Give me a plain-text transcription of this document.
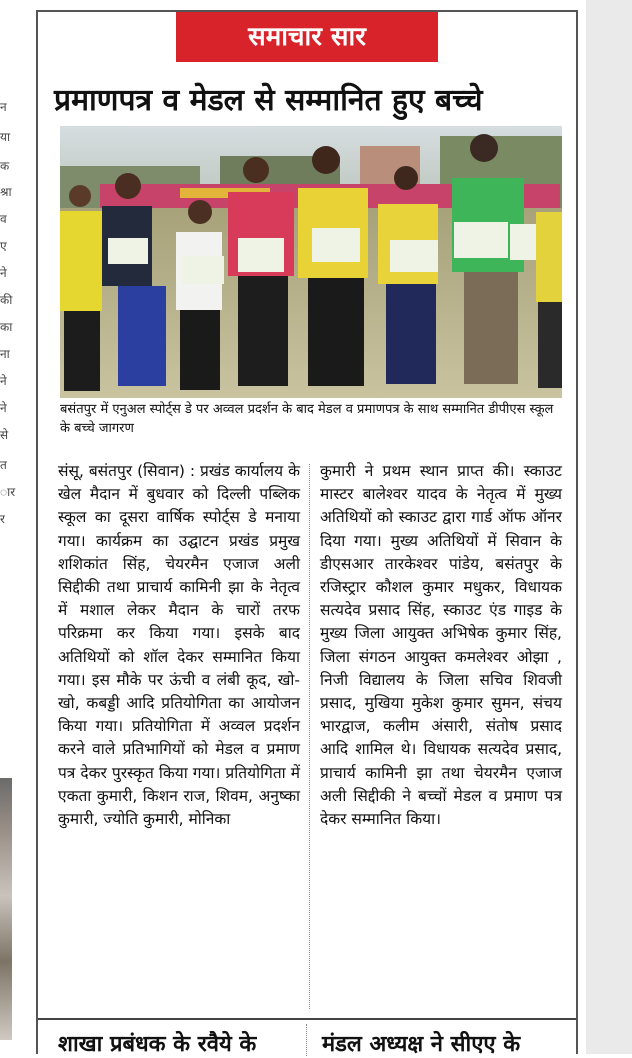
न
या
क
श्रा
व
ए
ने
की
का
ना
ने
ने
से
त
ार
र
समाचार सार
प्रमाणपत्र व मेडल से सम्मानित हुए बच्चे
बसंतपुर में एनुअल स्पोर्ट्स डे पर अव्वल प्रदर्शन के बाद मेडल व प्रमाणपत्र के साथ सम्मानित डीपीएस स्कूल के बच्चे जागरण
संसू, बसंतपुर (सिवान) : प्रखंड कार्यालय के खेल मैदान में बुधवार को दिल्ली पब्लिक स्कूल का दूसरा वार्षिक स्पोर्ट्स डे मनाया गया। कार्यक्रम का उद्घाटन प्रखंड प्रमुख शशिकांत सिंह, चेयरमैन एजाज अली सिद्दीकी तथा प्राचार्य कामिनी झा के नेतृत्व में मशाल लेकर मैदान के चारों तरफ परिक्रमा कर किया गया। इसके बाद अतिथियों को शॉल देकर सम्मानित किया गया। इस मौके पर ऊंची व लंबी कूद, खो-खो, कबड्डी आदि प्रतियोगिता का आयोजन किया गया। प्रतियोगिता में अव्वल प्रदर्शन करने वाले प्रतिभागियों को मेडल व प्रमाण पत्र देकर पुरस्कृत किया गया। प्रतियोगिता में एकता कुमारी, किशन राज, शिवम, अनुष्का कुमारी, ज्योति कुमारी, मोनिका
कुमारी ने प्रथम स्थान प्राप्त की। स्काउट मास्टर बालेश्वर यादव के नेतृत्व में मुख्य अतिथियों को स्काउट द्वारा गार्ड ऑफ ऑनर दिया गया। मुख्य अतिथियों में सिवान के डीएसआर तारकेश्वर पांडेय, बसंतपुर के रजिस्ट्रार कौशल कुमार मधुकर, विधायक सत्यदेव प्रसाद सिंह, स्काउट एंड गाइड के मुख्य जिला आयुक्त अभिषेक कुमार सिंह, जिला संगठन आयुक्त कमलेश्वर ओझा , निजी विद्यालय के जिला सचिव शिवजी प्रसाद, मुखिया मुकेश कुमार सुमन, संचय भारद्वाज, कलीम अंसारी, संतोष प्रसाद आदि शामिल थे। विधायक सत्यदेव प्रसाद, प्राचार्य कामिनी झा तथा चेयरमैन एजाज अली सिद्दीकी ने बच्चों मेडल व प्रमाण पत्र देकर सम्मानित किया।
शाखा प्रबंधक के रवैये के	मंडल अध्यक्ष ने सीएए के
